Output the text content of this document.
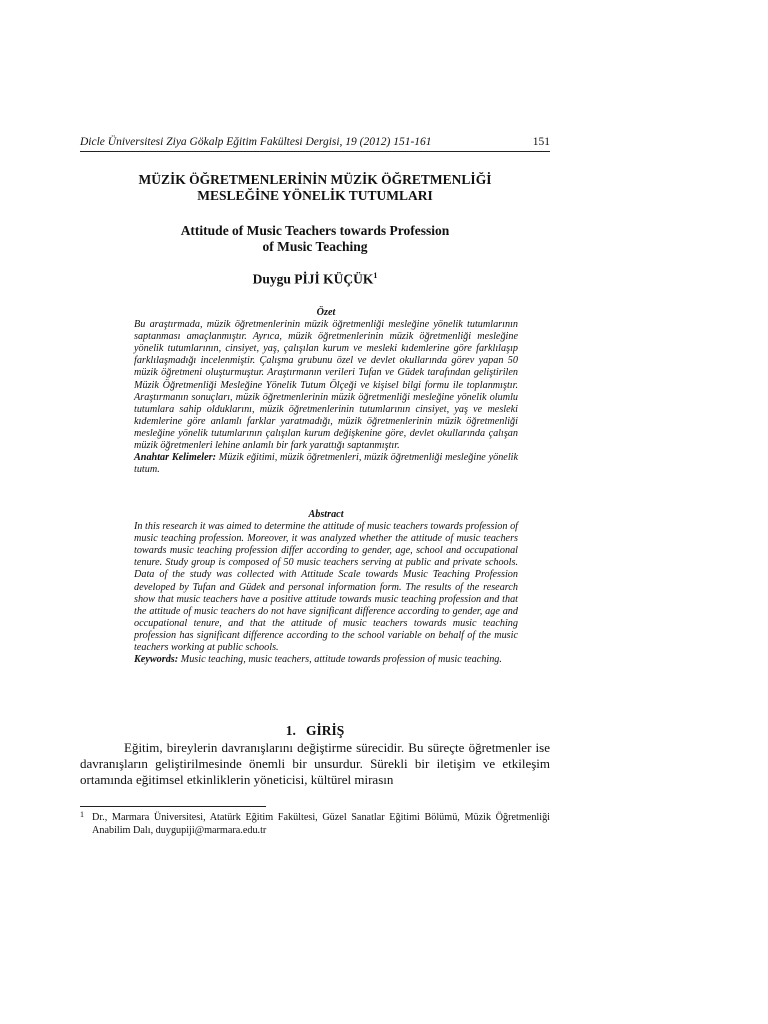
Dicle Üniversitesi Ziya Gökalp Eğitim Fakültesi Dergisi, 19 (2012) 151-161	151
MÜZİK ÖĞRETMENLERİNİN MÜZİK ÖĞRETMENLİĞİ
MESLEĞİNE YÖNELİK TUTUMLARI
Attitude of Music Teachers towards Profession
of Music Teaching
Duygu PİJİ KÜÇÜK$^1$
Özet
Bu araştırmada, müzik öğretmenlerinin müzik öğretmenliği mesleğine yönelik tutumlarının saptanması amaçlanmıştır. Ayrıca, müzik öğretmenlerinin müzik öğretmenliği mesleğine yönelik tutumlarının, cinsiyet, yaş, çalışılan kurum ve mesleki kıdemlerine göre farklılaşıp farklılaşmadığı incelenmiştir. Çalışma grubunu özel ve devlet okullarında görev yapan 50 müzik öğretmeni oluşturmuştur. Araştırmanın verileri Tufan ve Güdek tarafından geliştirilen Müzik Öğretmenliği Mesleğine Yönelik Tutum Ölçeği ve kişisel bilgi formu ile toplanmıştır. Araştırmanın sonuçları, müzik öğretmenlerinin müzik öğretmenliği mesleğine yönelik olumlu tutumlara sahip olduklarını, müzik öğretmenlerinin tutumlarının cinsiyet, yaş ve mesleki kıdemlerine göre anlamlı farklar yaratmadığı, müzik öğretmenlerinin müzik öğretmenliği mesleğine yönelik tutumlarının çalışılan kurum değişkenine göre, devlet okullarında çalışan müzik öğretmenleri lehine anlamlı bir fark yarattığı saptanmıştır.
Anahtar Kelimeler: Müzik eğitimi, müzik öğretmenleri, müzik öğretmenliği mesleğine yönelik tutum.
Abstract
In this research it was aimed to determine the attitude of music teachers towards profession of music teaching profession. Moreover, it was analyzed whether the attitude of music teachers towards music teaching profession differ according to gender, age, school and occupational tenure. Study group is composed of 50 music teachers serving at public and private schools. Data of the study was collected with Attitude Scale towards Music Teaching Profession developed by Tufan and Güdek and personal information form. The results of the research show that music teachers have a positive attitude towards music teaching profession and that the attitude of music teachers do not have significant difference according to gender, age and occupational tenure, and that the attitude of music teachers towards music teaching profession has significant difference according to the school variable on behalf of the music teachers working at public schools.
Keywords: Music teaching, music teachers, attitude towards profession of music teaching.
1.   GİRİŞ
Eğitim, bireylerin davranışlarını değiştirme sürecidir. Bu süreçte öğretmenler ise davranışların geliştirilmesinde önemli bir unsurdur. Sürekli bir iletişim ve etkileşim ortamında eğitimsel etkinliklerin yöneticisi, kültürel mirasın
1 Dr., Marmara Üniversitesi, Atatürk Eğitim Fakültesi, Güzel Sanatlar Eğitimi Bölümü, Müzik Öğretmenliği Anabilim Dalı, duygupiji@marmara.edu.tr
